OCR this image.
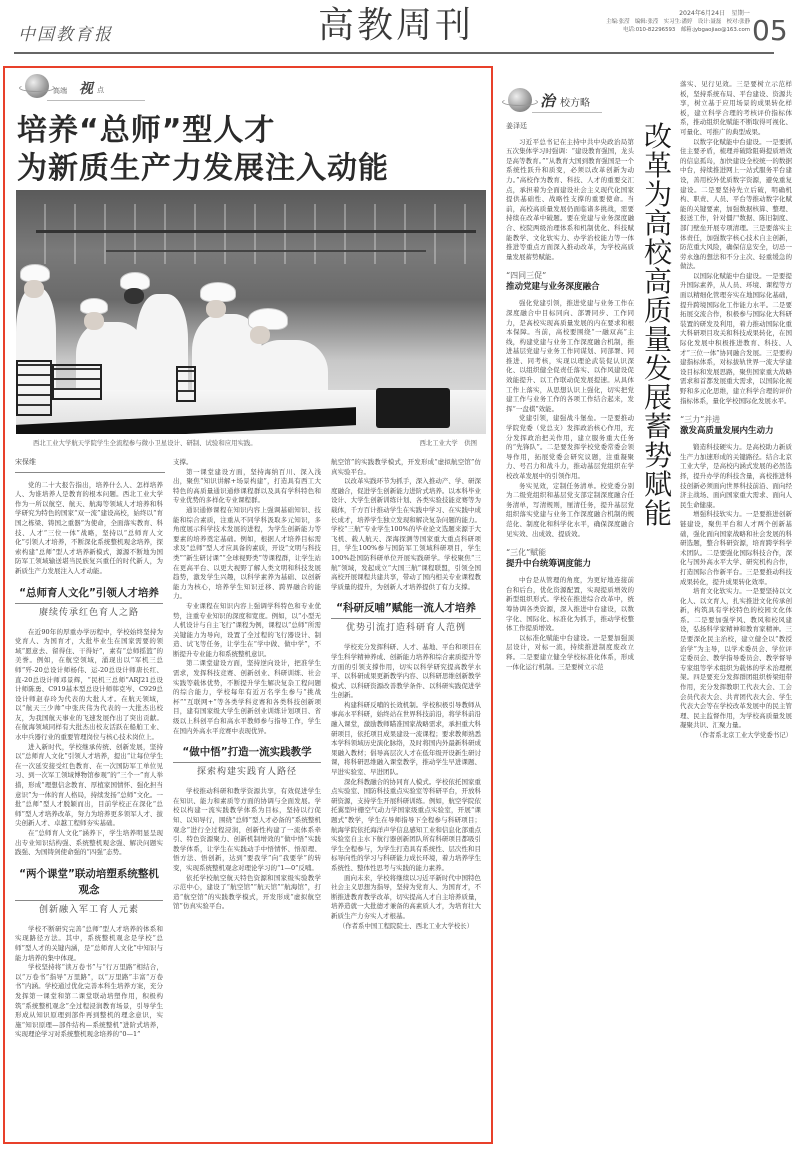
中国教育报	高教周刊	2024年6月24日　星期一
主编:张滢　编辑:张滢　实习生:潘婷　设计:聂磊　校对:张静
电话:010-82296593　邮箱:jybgaojiao@163.com 05
高端 视 点
培养“总师”型人才
为新质生产力发展注入动能
西北工业大学航天学院学生全流程参与微小卫星设计、研制、试验和应用实践。	西北工业大学　供图
宋保维

党的二十大报告指出，培养什么人、怎样培养人、为谁培养人是教育的根本问题。西北工业大学作为一所以航空、航天、航海等领域人才培养和科学研究为特色的国家“双一流”建设高校，始终以“育国之栋梁、铸国之重器”为使命，全面落实教育、科技、人才“三位一体”战略，坚持以“总师育人文化”引领人才培养，不断深化系统整机观念培养，探索构建“总师”型人才培养新模式，源源不断地为国防军工领域输送堪当民族复兴重任的时代新人，为新质生产力发展注入人才动能。

“总师育人文化”引领人才培养
赓续传承红色育人之路

在近90年的厚重办学历程中，学校始终坚持为党育人、为国育才，大批毕业生在国家需要的领域“愿意去、留得住、干得好”，素有“总师摇篮”的美誉。例如，在航空领域，涌现出以“军机三总师”歼-20总设计师杨伟、运-20总设计师唐长红、直-20总设计师邓景辉，“民机三总师”ARJ21总设计师陈勇、C919基本型总设计师韩克岑、C929总设计师赵春玲为代表的大批人才。在航天领域，以“航天三少帅”中张庆伟为代表的一大批杰出校友，为我国航天事业的飞速发展作出了突出贡献。在航海领域同样有大批杰出校友活跃在船舶工业、水中兵器行业的重要管理岗位与核心技术岗位上。

进入新时代，学校继承传统、创新发展，坚持以“总师育人文化”引领人才培养，提出“让每位学生在一次延安接受红色教育、在一次国防军工单位见习、到一次军工领域博物馆参观”的“三个一”育人举措，形成“理想信念教育、厚植家国情怀、强化担当意识”为一体的育人格局，持续发扬“总师”文化。一批“总师”型人才脱颖而出，目前学校正在深化“总师”型人才培养改革，努力为培养更多领军人才、拔尖创新人才、卓越工程师夯实基础。

在“总师育人文化”涵养下，学生培养明显呈现出专业知识结构强、系统整机观念强、解决问题实践强、为国铸剑使命强的“四强”态势。

“两个课堂”联动培塑系统整机观念
创新融入军工育人元素

学校不断研究完善“总师”型人才培养的体系和实现路径方法。其中，系统整机观念是学校“总师”型人才的关键内涵，是“总师育人文化”中知识与能力培养的集中体现。

学校坚持将“读万卷书”与“行万里路”相结合，以“万卷书”指导“万里路”，以“万里路”丰富“万卷书”内涵。学校通过优化完善本科生培养方案，充分发挥第一课堂和第二课堂联动培塑作用，积极构筑“系统整机观念”全过程浸润教育场景，引导学生形成从知识原理到部件再到整机的理念意识，实施“知识原理—部件结构—系统整机”进阶式培养，实现理论学习对系统整机观念培养的“0—1”

支撑。

第一课堂建设方面，坚持海纳百川、深入浅出，聚焦“知识讲解+场景构建”，打造具有西工大特色的高质量通识通修课程群以及具有学科特色和专业优势的多样化专业课程群。

通识通修课程在知识内容上强调基础知识、技能和综合素质，注重从不同学科汲取多元知识，多角度展示科学技术发展的进程，为学生创新能力等要素的培养奠定基础。例如，根据人才培养目标需求及“总师”型人才应具备的素质，开设“文明与科技类”“新生研讨课”“全球视野类”等课程群，让学生站在更高平台、以更大视野了解人类文明和科技发展趋势，激发学生兴趣，以科学素养为基础、以创新能力为核心，培养学生知识迁移、跨界融合的能力。

专业课程在知识内容上强调学科特色和专业优势，注重专业知识的深度和宽度。例如，以“小型无人机设计与自主飞行”课程为例，课程以“总师”所需关键能力为导向，设置了全过程的飞行器设计、制造、试飞等任务，让学生在“学中做、做中学”，不断提升专业能力和系统整机意识。

第二课堂建设方面，坚持逆向设计，把准学生需求，发挥科技竞赛、创新创业、科研训练、社会实践等载体优势，不断提升学生解决复杂工程问题的综合能力，学校每年有近万名学生参与“挑战杯”“互联网+”等各类学科竞赛和各类科技创新项目，建有国家级大学生创新创业训练计划项目、省级以上科创平台和高水平教师参与指导工作，学生在国内外高水平竞赛中表现优异。

“做中悟”打造一流实践教学
探索构建实践育人路径

学校推动科研和教学资源共享，有效促进学生在知识、能力和素质等方面的协调与全面发展。学校以构建一流实践教学体系为目标，坚持以行促知、以知导行，围绕“总师”型人才必备的“系统整机观念”进行全过程浸润，创新性构建了一流体系牵引、特色资源聚力、创新机制增效的“做中悟”实践教学体系，让学生在实践动手中悟情怀、悟原理、悟方法、悟创新，达到“要我学”向“我要学”的转变，实现系统整机观念对理论学习的“1—0”反哺。

依托学校航空航天特色资源和国家级实验教学示范中心，建设了“航空馆”“航天馆”“航海馆”，打造“航空馆”的实践教学模式，开发形成“虚拟航空馆”仿真实验平台。

航空馆”的实践教学模式，开发形成“虚拟航空馆”仿真实验平台。

以改革实践环节为抓手，深入推动产、学、研深度融合，促进学生创新能力进阶式培养。以本科毕业设计、大学生创新训练计划、各类实验技能竞赛等为载体，千方百计推动学生在实践中学习、在实践中成长成才，培养学生独立发现和解决复杂问题的能力。学校“三航”专业学生100%的毕业论文选题来源于大飞机、载人航天、深海探测等国家重大重点科研项目，学生100%参与国防军工领域科研项目，学生100%赴国防科研单位开展实践研学。学校聚焦“三航”领域，发起成立“大国三航”课程联盟，引领全国高校开展课程共建共享，带动了国内相关专业课程教学质量的提升，为创新人才培养提供了有力支撑。

“科研反哺”赋能一流人才培养
优势引流打造科研育人范例

学校充分发挥科研、人才、基地、平台和项目在学生科学精神养成、创新能力培养和综合素质提升等方面的引领支撑作用，切实以科学研究提高教学水平、以科研成果更新教学内容、以科研思维创新教学模式、以科研资源改善教学条件、以科研实践促进学生创新。

构建科研反哺的长效机制。学校积极引导教师从事高水平科研，始终站在世界科技前沿，将学科前沿融入课堂，激励教师瞄准国家战略需求，承担重大科研项目，依托项目成果建设一流课程；要求教师熟悉本学科领域历史演化脉络，及时将国内外最新科研成果融入教材；倡导高层次人才在低年级开设新生研讨课，将科研思维融入课堂教学，推动学生早进课题、早进实验室、早进团队。

深化科教融合的协同育人模式。学校依托国家重点实验室、国防科技重点实验室等科研平台，开放科研资源，支持学生开展科研训练。例如，航空学院依托翼型叶栅空气动力学国家级重点实验室，开展“课题式”教学，学生在导师指导下全程参与科研项目；航海学院依托海洋声学信息感知工业和信息化部重点实验室自主水下航行器创新团队所有科研项目都吸引学生全程参与，为学生打造具有系统性、层次性和目标导向性的学习与科研能力成长环境，着力培养学生系统性、整体性思考与实践的能力素养。

面向未来，学校将继续以习近平新时代中国特色社会主义思想为指导，坚持为党育人、为国育才，不断推进教育教学改革，切实提高人才自主培养质量，培养造就一大批德才兼备的高素质人才，为培育壮大新质生产力夯实人才根基。

（作者系中国工程院院士、西北工业大学校长）

治 校方略
改革为高校高质量发展蓄势赋能
姜泽廷

习近平总书记在主持中共中央政治局第五次集体学习时强调：“建设教育强国，龙头是高等教育。”“从教育大国到教育强国是一个系统性跃升和质变，必须以改革创新为动力。”高校作为教育、科技、人才的重要交汇点，承担着为全面建设社会主义现代化国家提供基础性、战略性支撑的重要使命。当前，高校高质量发展仍面临诸多挑战，需要持续在改革中破题。要在党建与业务深度融合、校院两级治理体系和机制优化、科技赋能教学、文化软实力、办学治校能力等一体推进等重点方面深入推动改革，为学校高质量发展蓄势赋能。

“四同三促”
推动党建与业务深度融合

强化党建引领，推进党建与业务工作在深度融合中目标同向、部署同步、工作同力，是高校实现高质量发展的内在要求和根本保障。当前，高校要围绕“一融双高”主线，构建党建与业务工作深度融合机制，推进基层党建与业务工作同谋划、同部署、同推进、同考核，实现以理论武装促认识深化、以组织健全促责任落实、以作风建设促效能提升、以工作联动促发展提速。从具体工作上落实，从思想认识上强化，切实把党建工作与业务工作的各项工作结合起来，发挥“一盘棋”效能。

党建引领，建强战斗堡垒。一是要推动学院党委（党总支）发挥政治核心作用，充分发挥政治把关作用，建立服务重大任务的“先锋队”。二是要发挥学校党委常委会领导作用，拓展党委会研究议题，注重凝聚力、号召力和战斗力，推动基层党组织在学校改革发展中的引领作用。

务实见效，定制任务清单。校党委分别为二级党组织和基层党支部定制深度融合任务清单，写清规则，厘清任务，提升基层党组织落实党建与业务工作深度融合机制的规范化、制度化和科学化水平，确保深度融合见实效、出成效、提质效。

“三化”赋能
提升中台统筹调度能力

中台是从管理的角度，为更好地连接前台和后台，优化资源配置，实现提质增效的新型组织形式。学校在推进综合改革中，统筹协调各类资源，深入推进中台建设，以数字化、国际化、标准化为抓手，推动学校整体工作提质增效。

以标准化赋能中台建设。一是要加强顶层设计，对标一流，持续推进制度废改立释。二是要建立健全学校标准化体系，形成一体化运行机制。三是要树立示范

落实、见行见效。三是要树立示范样板，坚持系统布局、平台建设、资源共享，树立基于应用场景的成果转化样板，建立科学合理的考核评价指标体系，推动组织化赋能不断取得可视化、可量化、可推广的典型成果。

以数字化赋能中台建设。一是要抓住主要矛盾，梳理并破除阻碍提质增效的信息孤岛，加快建设全校统一的数据中台，持续推进网上一站式服务平台建设，善用校外优质数字资源，避免重复建设。二是要坚持先立后破，明确机构、职责、人员、平台等推动数字化赋能的关键要素，加强数据核算、整理、报送工作，针对僵尸数据、陈旧制度、部门壁垒开展专项清理。三是要落实主体责任，加强数字核心技术自主创新，防范重大风险，确保信息安全，切忌一劳永逸的想法和不分主次、轻重缓急的做法。

以国际化赋能中台建设。一是要提升国际素养，从人员、环境、课程等方面以精细化管理夯实在地国际化基础，提升跨境国际化工作能力水平。二是要拓展交流合作，积极参与国际化大科研装置的研发及利用，着力推动国际化重大科研项目攻关和科技成果转化，在国际化发展中积极推进教育、科技、人才“三位一体”协同融合发展。三是要构建指标体系，对标拔轨世界一流大学建设目标和发展思路，聚焦国家重大战略需求和首都发展重大需求，以国际化视野和多元化思维，建立科学合理的评价指标体系，量化学校国际化发展水平。

“三力”并进
激发高质量发展内生动力

锻造科技硬实力。是高校助力新质生产力加速形成的关键路径。结合北京工业大学，是高校内涵式发展的必然选择，提升办学的科技含量，高校推进科技创新必须面向世界科技前沿、面向经济主战场、面向国家重大需求、面向人民生命健康。

增强科技软实力。一是要推进创新链建设，聚焦平台和人才两个创新基础，强化面向国家战略和社会发展的科研选题，整合科研资源，培育跨学科学术团队。二是要强化国际科技合作，深化与国外高水平大学、研究机构合作，打造国际合作新平台。三是要推动科技成果转化，提升成果转化效率。

培育文化软实力。一是要坚持以文化人、以文育人，扎实推进文化传承创新，构筑具有学校特色的校园文化体系。二是要加强学风、教风和校风建设，弘扬科学家精神和教育家精神。三是要深化民主治校，建立健全以“教授治学”为主导，以学术委员会、学位评定委员会、教学指导委员会、教学督导专家组等学术组织为载体的学术治理框架。四是要充分发挥群团组织桥梁纽带作用，充分发挥教职工代表大会、工会会员代表大会、共青团代表大会、学生代表大会等在学校改革发展中的民主管理、民主监督作用，为学校高质量发展凝聚共识、汇聚力量。

（作者系北京工业大学党委书记）
